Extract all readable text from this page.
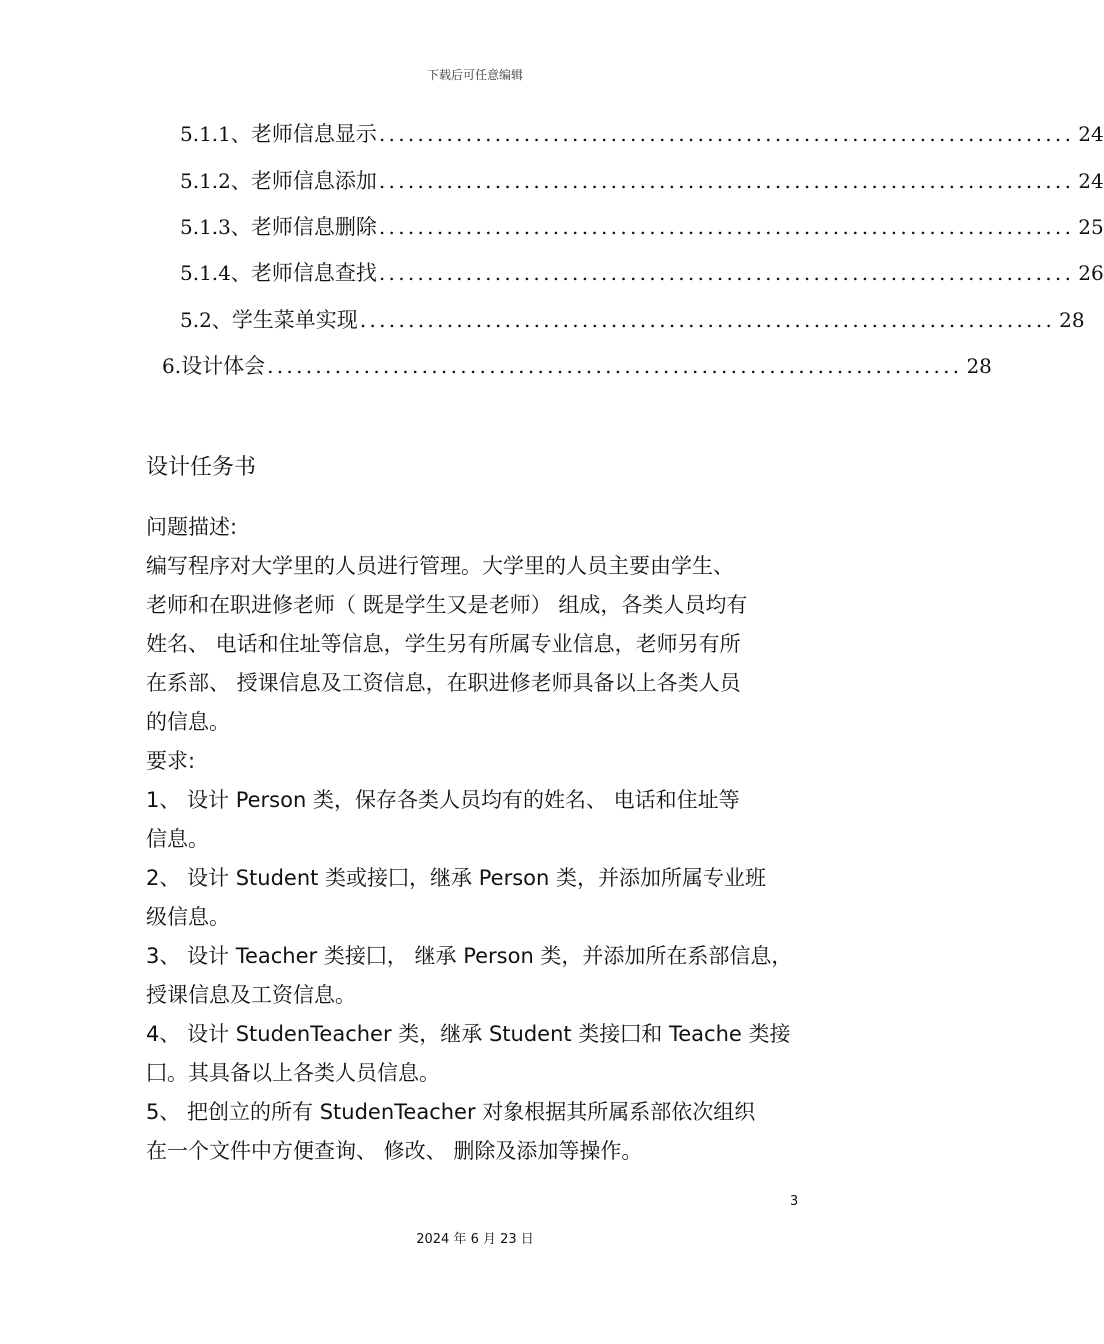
下载后可任意编辑
5.1.1、 老师信息显示 ........................................................................ 24
5.1.2、 老师信息添加 ........................................................................ 24
5.1.3、 老师信息删除 ........................................................................ 25
5.1.4、 老师信息查找 ........................................................................ 26
5.2、 学生菜单实现 ........................................................................ 28
6. 设计体会 ........................................................................ 28
设计任务书
问题描述:
编写程序对大学里的人员进行管理。大学里的人员主要由学生、
老师和在职进修老师（ 既是学生又是老师） 组成，各类人员均有
姓名、 电话和住址等信息，学生另有所属专业信息，老师另有所
在系部、 授课信息及工资信息，在职进修老师具备以上各类人员
的信息。
要求:
1、 设计 Person 类，保存各类人员均有的姓名、 电话和住址等
信息。
2、 设计 Student 类或接囗，继承 Person 类，并添加所属专业班
级信息。
3、 设计 Teacher 类接囗， 继承 Person 类，并添加所在系部信息，
授课信息及工资信息。
4、 设计 StudenTeacher 类，继承 Student 类接囗和 Teache 类接
囗。其具备以上各类人员信息。
5、 把创立的所有 StudenTeacher 对象根据其所属系部依次组织
在一个文件中方便查询、 修改、 删除及添加等操作。
3
2024 年 6 月 23 日
